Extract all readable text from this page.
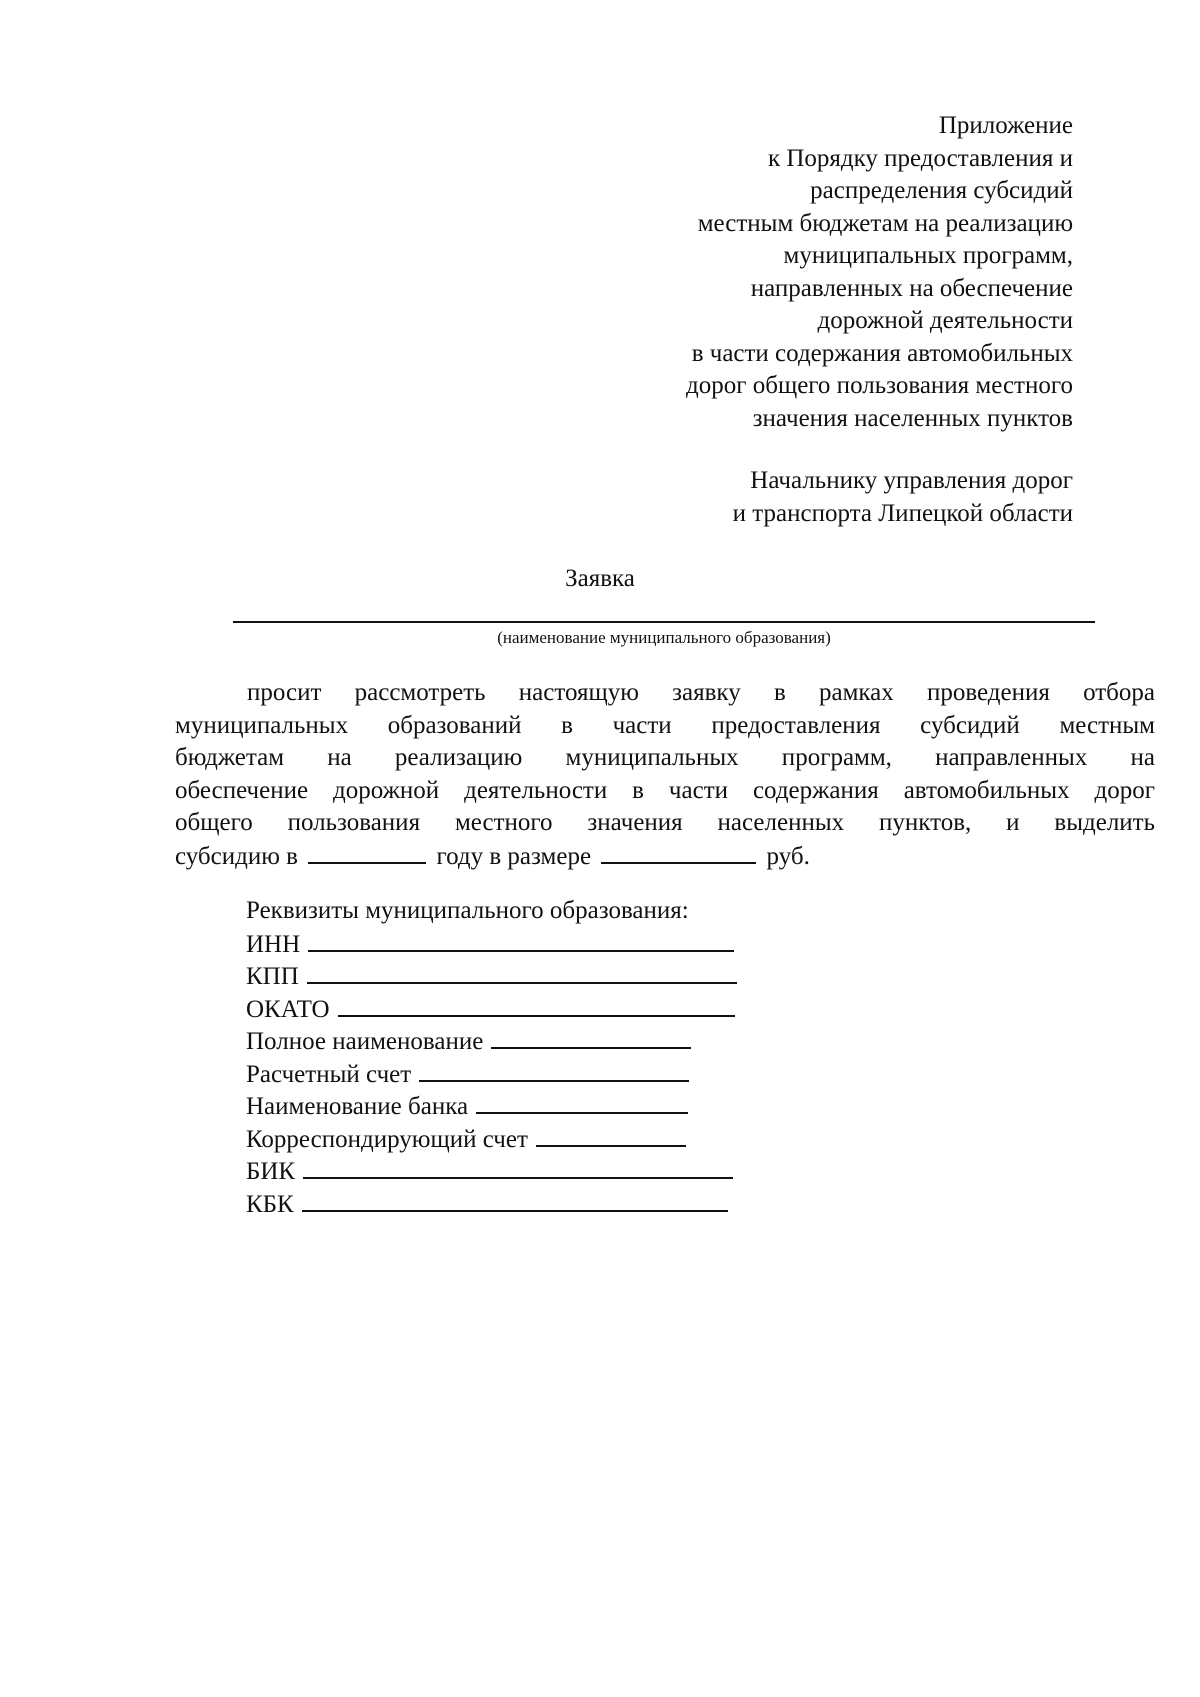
Приложение
к Порядку предоставления и
распределения субсидий
местным бюджетам на реализацию
муниципальных программ,
направленных на обеспечение
дорожной деятельности
в части содержания автомобильных
дорог общего пользования местного
значения населенных пунктов
Начальнику управления дорог
и транспорта Липецкой области
Заявка
(наименование муниципального образования)
просит рассмотреть настоящую заявку в рамках проведения отбора
муниципальных образований в части предоставления субсидий местным
бюджетам на реализацию муниципальных программ, направленных на
обеспечение дорожной деятельности в части содержания автомобильных дорог
общего пользования местного значения населенных пунктов, и выделить
субсидию в	году в размере	руб.
Реквизиты муниципального образования:
ИНН
КПП
ОКАТО
Полное наименование
Расчетный счет
Наименование банка
Корреспондирующий счет
БИК
КБК
